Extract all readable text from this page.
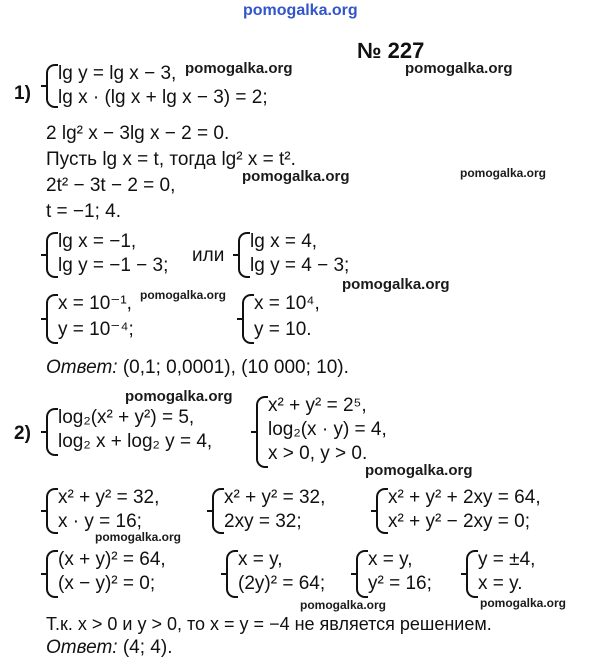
pomogalka.org
№ 227
pomogalka.org	pomogalka.org
pomogalka.org	pomogalka.org
pomogalka.org
pomogalka.org
pomogalka.org
pomogalka.org
pomogalka.org
pomogalka.org	pomogalka.org
1)
lg y = lg x − 3,
lg x · (lg x + lg x − 3) = 2;
2 lg² x − 3lg x − 2 = 0.
Пусть lg x = t, тогда lg² x = t².
2t² − 3t − 2 = 0,
t = −1; 4.
lg x = −1,
lg y = −1 − 3; или
lg x = 4,
lg y = 4 − 3;
x = 10⁻¹,
y = 10⁻⁴;
x = 10⁴,
y = 10.
Ответ: (0,1; 0,0001), (10 000; 10).
2)
log₂(x² + y²) = 5,
log₂ x + log₂ y = 4,
x² + y² = 2⁵,
log₂(x · y) = 4,
x > 0, y > 0.
x² + y² = 32,
x · y = 16;
x² + y² = 32,
2xy = 32;
x² + y² + 2xy = 64,
x² + y² − 2xy = 0;
(x + y)² = 64,
(x − y)² = 0;
x = y,
(2y)² = 64;
x = y,
y² = 16;
y = ±4,
x = y.
Т.к. x > 0 и y > 0, то x = y = −4 не является решением.
Ответ: (4; 4).
